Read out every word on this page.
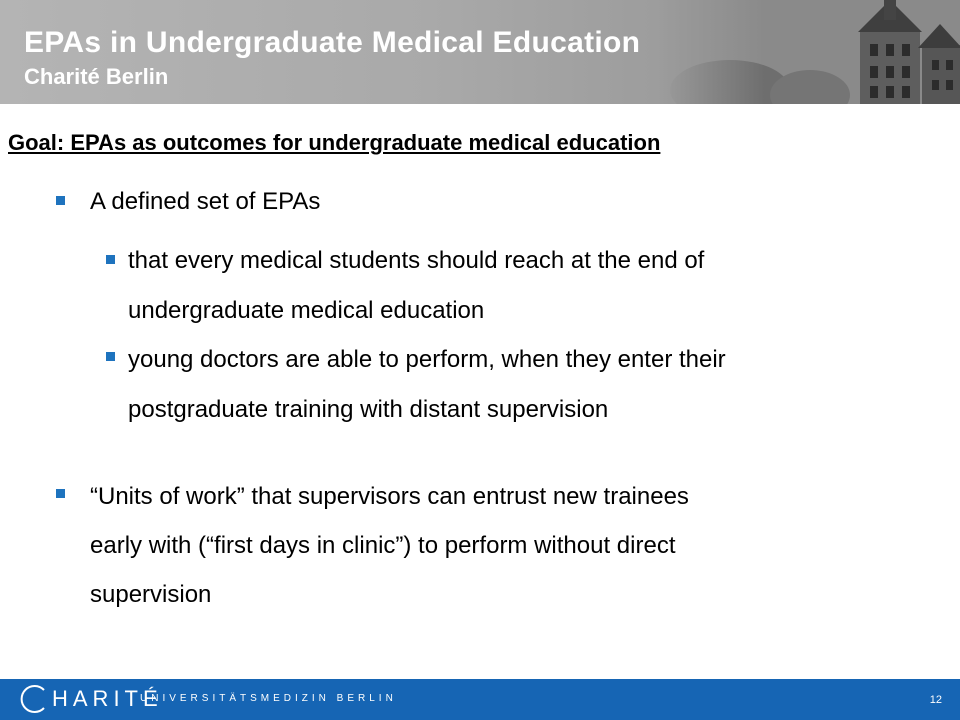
EPAs in Undergraduate Medical Education
Charité Berlin
Goal: EPAs as outcomes for undergraduate medical education
A defined set of EPAs
that every medical students should reach at the end of
undergraduate medical education
young doctors are able to perform, when they enter their
postgraduate training with distant supervision
“Units of work” that supervisors can entrust new trainees
early with (“first days in clinic”) to perform without direct
supervision
HARITÉ
UNIVERSITÄTSMEDIZIN BERLIN	12
